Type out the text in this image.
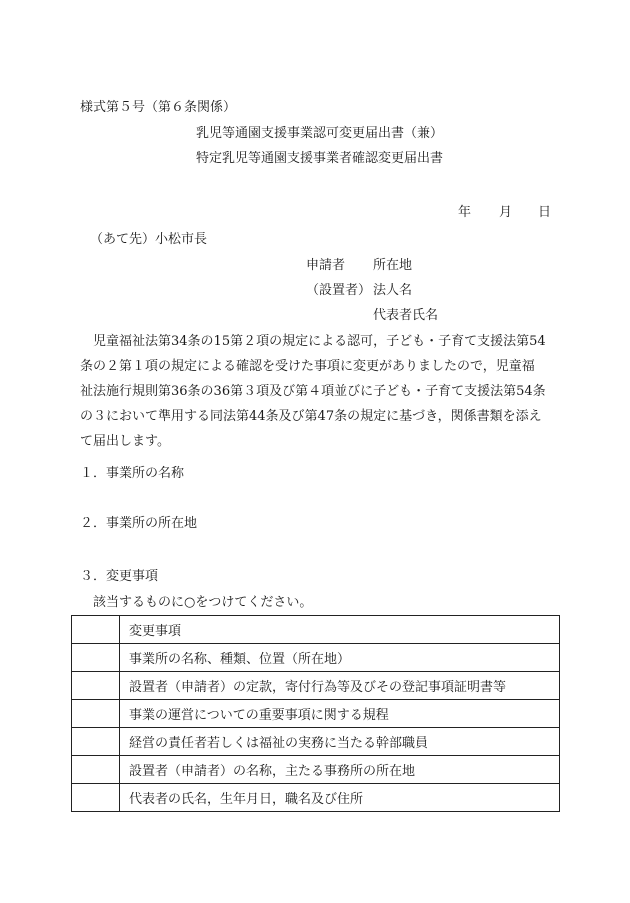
様式第５号（第６条関係）
乳児等通園支援事業認可変更届出書（兼）
特定乳児等通園支援事業者確認変更届出書
年 月 日
（あて先）小松市長
申請者 所在地
（設置者） 法人名
代表者氏名
児童福祉法第34条の15第２項の規定による認可，子ども・子育て支援法第54
条の２第１項の規定による確認を受けた事項に変更がありましたので，児童福
祉法施行規則第36条の36第３項及び第４項並びに子ども・子育て支援法第54条
の３において準用する同法第44条及び第47条の規定に基づき，関係書類を添え
て届出します。
１．事業所の名称
２．事業所の所在地
３．変更事項
該当するものに○をつけてください。
	変更事項
	事業所の名称、種類、位置（所在地）
	設置者（申請者）の定款，寄付行為等及びその登記事項証明書等
	事業の運営についての重要事項に関する規程
	経営の責任者若しくは福祉の実務に当たる幹部職員
	設置者（申請者）の名称，主たる事務所の所在地
	代表者の氏名，生年月日，職名及び住所
